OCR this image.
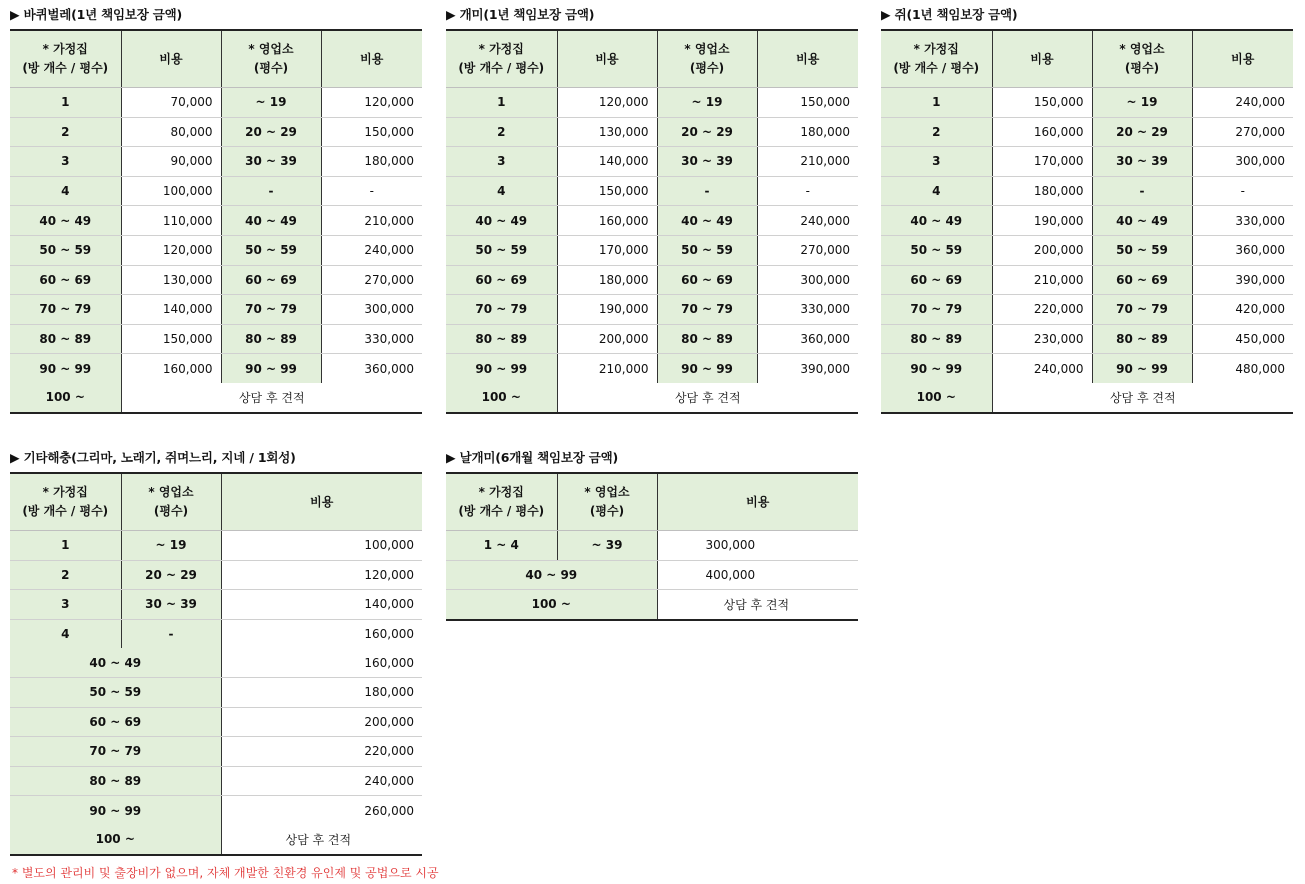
▶ 바퀴벌레(1년 책임보장 금액)
* 가정집
(방 개수 / 평수)	비용	* 영업소
(평수)	비용
1	70,000	~ 19	120,000
2	80,000	20 ~ 29	150,000
3	90,000	30 ~ 39	180,000
4	100,000	-	-
40 ~ 49	110,000	40 ~ 49	210,000
50 ~ 59	120,000	50 ~ 59	240,000
60 ~ 69	130,000	60 ~ 69	270,000
70 ~ 79	140,000	70 ~ 79	300,000
80 ~ 89	150,000	80 ~ 89	330,000
90 ~ 99	160,000	90 ~ 99	360,000
100 ~	상담 후 견적		
▶ 개미(1년 책임보장 금액)
* 가정집
(방 개수 / 평수)	비용	* 영업소
(평수)	비용
1	120,000	~ 19	150,000
2	130,000	20 ~ 29	180,000
3	140,000	30 ~ 39	210,000
4	150,000	-	-
40 ~ 49	160,000	40 ~ 49	240,000
50 ~ 59	170,000	50 ~ 59	270,000
60 ~ 69	180,000	60 ~ 69	300,000
70 ~ 79	190,000	70 ~ 79	330,000
80 ~ 89	200,000	80 ~ 89	360,000
90 ~ 99	210,000	90 ~ 99	390,000
100 ~	상담 후 견적		
▶ 쥐(1년 책임보장 금액)
* 가정집
(방 개수 / 평수)	비용	* 영업소
(평수)	비용
1	150,000	~ 19	240,000
2	160,000	20 ~ 29	270,000
3	170,000	30 ~ 39	300,000
4	180,000	-	-
40 ~ 49	190,000	40 ~ 49	330,000
50 ~ 59	200,000	50 ~ 59	360,000
60 ~ 69	210,000	60 ~ 69	390,000
70 ~ 79	220,000	70 ~ 79	420,000
80 ~ 89	230,000	80 ~ 89	450,000
90 ~ 99	240,000	90 ~ 99	480,000
100 ~	상담 후 견적		
▶ 기타해충(그리마, 노래기, 쥐며느리, 지네 / 1회성)
* 가정집
(방 개수 / 평수)	* 영업소
(평수)	비용
1	~ 19	100,000
2	20 ~ 29	120,000
3	30 ~ 39	140,000
4	-	160,000
40 ~ 49		160,000
50 ~ 59		180,000
60 ~ 69		200,000
70 ~ 79		220,000
80 ~ 89		240,000
90 ~ 99		260,000
100 ~		상담 후 견적
▶ 날개미(6개월 책임보장 금액)
* 가정집
(방 개수 / 평수)	* 영업소
(평수)	비용
1 ~ 4	~ 39	300,000
40 ~ 99		400,000
100 ~		상담 후 견적
* 별도의 관리비 및 출장비가 없으며, 자체 개발한 친환경 유인제 및 공법으로 시공
